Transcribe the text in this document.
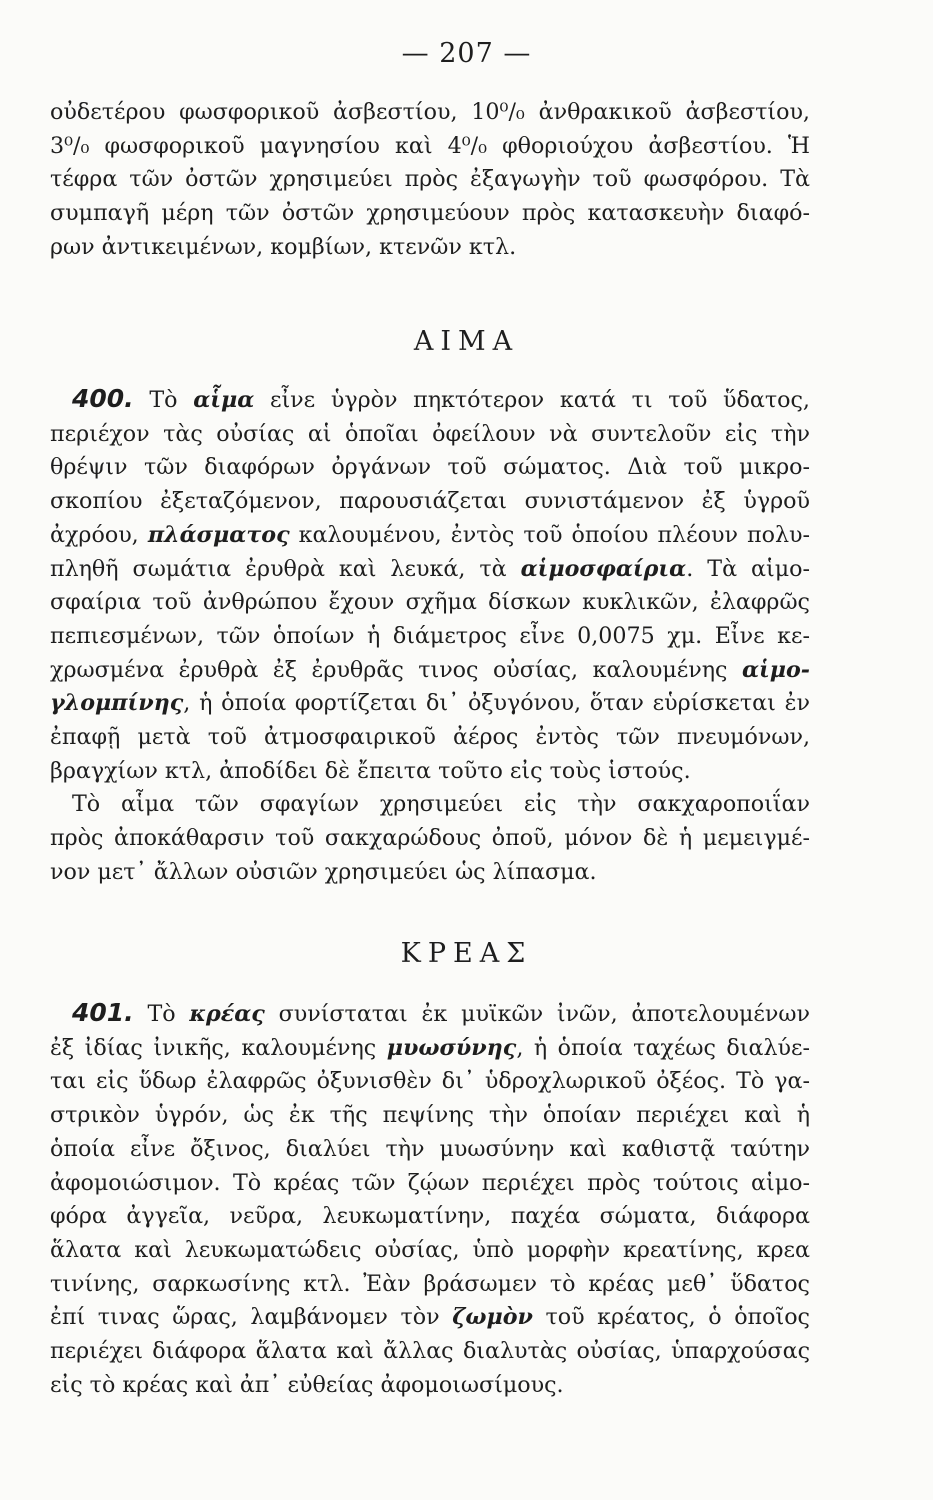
— 207 —
οὐδετέρου φωσφορικοῦ ἀσβεστίου, 10⁰/₀ ἀνθρακικοῦ ἀσβεστίου,
3⁰/₀ φωσφορικοῦ μαγνησίου καὶ 4⁰/₀ φθοριούχου ἀσβεστίου. Ἡ
τέφρα τῶν ὀστῶν χρησιμεύει πρὸς ἐξαγωγὴν τοῦ φωσφόρου. Τὰ
συμπαγῆ μέρη τῶν ὀστῶν χρησιμεύουν πρὸς κατασκευὴν διαφό-
ρων ἀντικειμένων, κομβίων, κτενῶν κτλ.
ΑΙΜΑ
400. Τὸ αἷμα εἶνε ὑγρὸν πηκτότερον κατά τι τοῦ ὕδατος,
περιέχον τὰς οὐσίας αἱ ὁποῖαι ὀφείλουν νὰ συντελοῦν εἰς τὴν
θρέψιν τῶν διαφόρων ὀργάνων τοῦ σώματος. Διὰ τοῦ μικρο-
σκοπίου ἐξεταζόμενον, παρουσιάζεται συνιστάμενον ἐξ ὑγροῦ
ἀχρόου, πλάσματος καλουμένου, ἐντὸς τοῦ ὁποίου πλέουν πολυ-
πληθῆ σωμάτια ἐρυθρὰ καὶ λευκά, τὰ αἱμοσφαίρια. Τὰ αἱμο-
σφαίρια τοῦ ἀνθρώπου ἔχουν σχῆμα δίσκων κυκλικῶν, ἐλαφρῶς
πεπιεσμένων, τῶν ὁποίων ἡ διάμετρος εἶνε 0,0075 χμ. Εἶνε κε-
χρωσμένα ἐρυθρὰ ἐξ ἐρυθρᾶς τινος οὐσίας, καλουμένης αἱμο-
γλομπίνης, ἡ ὁποία φορτίζεται δι᾽ ὀξυγόνου, ὅταν εὑρίσκεται ἐν
ἐπαφῇ μετὰ τοῦ ἀτμοσφαιρικοῦ ἀέρος ἐντὸς τῶν πνευμόνων,
βραγχίων κτλ, ἀποδίδει δὲ ἔπειτα τοῦτο εἰς τοὺς ἱστούς.
Τὸ αἷμα τῶν σφαγίων χρησιμεύει εἰς τὴν σακχαροποιΐαν
πρὸς ἀποκάθαρσιν τοῦ σακχαρώδους ὀποῦ, μόνον δὲ ἡ μεμειγμέ-
νον μετ᾽ ἄλλων οὐσιῶν χρησιμεύει ὡς λίπασμα.
ΚΡΕΑΣ
401. Τὸ κρέας συνίσταται ἐκ μυϊκῶν ἰνῶν, ἀποτελουμένων
ἐξ ἰδίας ἰνικῆς, καλουμένης μυωσύνης, ἡ ὁποία ταχέως διαλύε-
ται εἰς ὕδωρ ἐλαφρῶς ὀξυνισθὲν δι᾽ ὑδροχλωρικοῦ ὀξέος. Τὸ γα-
στρικὸν ὑγρόν, ὡς ἐκ τῆς πεψίνης τὴν ὁποίαν περιέχει καὶ ἡ
ὁποία εἶνε ὄξινος, διαλύει τὴν μυωσύνην καὶ καθιστᾷ ταύτην
ἀφομοιώσιμον. Τὸ κρέας τῶν ζῴων περιέχει πρὸς τούτοις αἱμο-
φόρα ἀγγεῖα, νεῦρα, λευκωματίνην, παχέα σώματα, διάφορα
ἅλατα καὶ λευκωματώδεις οὐσίας, ὑπὸ μορφὴν κρεατίνης, κρεα
τινίνης, σαρκωσίνης κτλ. Ἐὰν βράσωμεν τὸ κρέας μεθ᾽ ὕδατος
ἐπί τινας ὥρας, λαμβάνομεν τὸν ζωμὸν τοῦ κρέατος, ὁ ὁποῖος
περιέχει διάφορα ἅλατα καὶ ἄλλας διαλυτὰς οὐσίας, ὑπαρχούσας
εἰς τὸ κρέας καὶ ἀπ᾽ εὐθείας ἀφομοιωσίμους.
